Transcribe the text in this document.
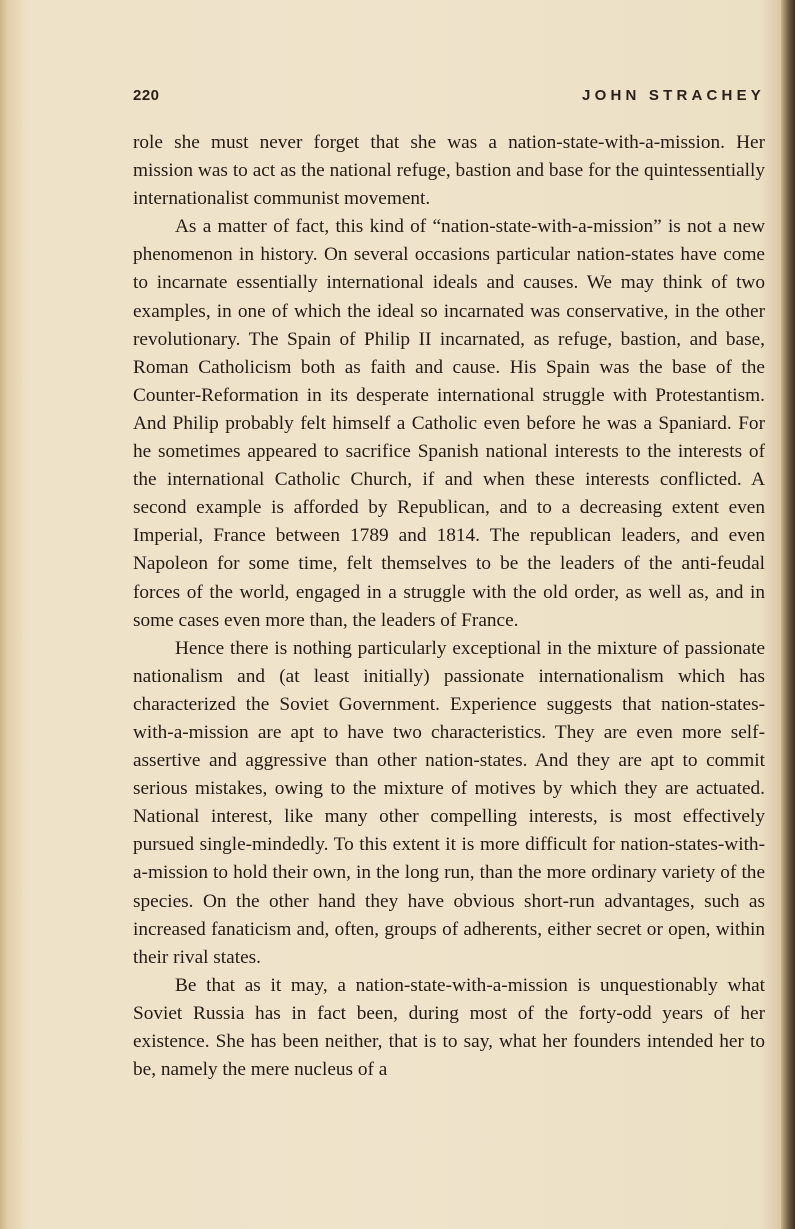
220	JOHN STRACHEY

role she must never forget that she was a nation-state-with-a-mission. Her mission was to act as the national refuge, bastion and base for the quintessentially internationalist communist movement.

As a matter of fact, this kind of “nation-state-with-a-mission” is not a new phenomenon in history. On several occasions particular nation-states have come to incarnate essentially international ideals and causes. We may think of two examples, in one of which the ideal so incarnated was conservative, in the other revolutionary. The Spain of Philip II incarnated, as refuge, bastion, and base, Roman Catholicism both as faith and cause. His Spain was the base of the Counter-Reformation in its desperate international struggle with Protestantism. And Philip probably felt himself a Catholic even before he was a Spaniard. For he sometimes appeared to sacrifice Spanish national interests to the interests of the international Catholic Church, if and when these interests conflicted. A second example is afforded by Republican, and to a decreasing extent even Imperial, France between 1789 and 1814. The republican leaders, and even Napoleon for some time, felt themselves to be the leaders of the anti-feudal forces of the world, engaged in a struggle with the old order, as well as, and in some cases even more than, the leaders of France.

Hence there is nothing particularly exceptional in the mixture of passionate nationalism and (at least initially) passionate internationalism which has characterized the Soviet Government. Experience suggests that nation-states-with-a-mission are apt to have two characteristics. They are even more self-assertive and aggressive than other nation-states. And they are apt to commit serious mistakes, owing to the mixture of motives by which they are actuated. National interest, like many other compelling interests, is most effectively pursued single-mindedly. To this extent it is more difficult for nation-states-with-a-mission to hold their own, in the long run, than the more ordinary variety of the species. On the other hand they have obvious short-run advantages, such as increased fanaticism and, often, groups of adherents, either secret or open, within their rival states.

Be that as it may, a nation-state-with-a-mission is unquestionably what Soviet Russia has in fact been, during most of the forty-odd years of her existence. She has been neither, that is to say, what her founders intended her to be, namely the mere nucleus of a
